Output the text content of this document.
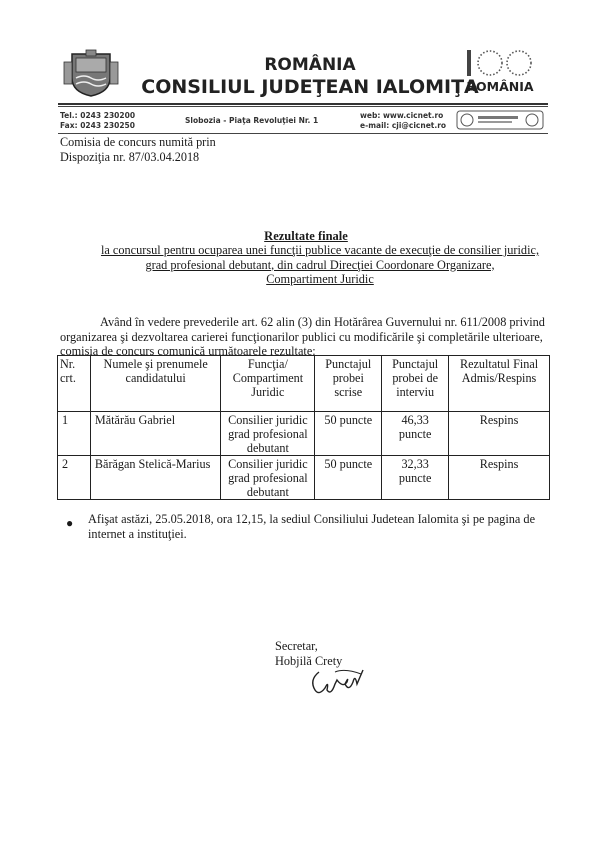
ROMÂNIA
CONSILIUL JUDEŢEAN IALOMIŢA
ROMÂNIA
Tel.: 0243 230200
Fax: 0243 230250
Slobozia - Piaţa Revoluţiei Nr. 1
web: www.cicnet.ro
e-mail: cji@cicnet.ro
Comisia de concurs numită prin
Dispoziţia nr. 87/03.04.2018
Rezultate finale
la concursul pentru ocuparea unei funcţii publice vacante de execuţie de consilier juridic,
grad profesional debutant, din cadrul Direcţiei Coordonare Organizare,
Compartiment Juridic
Având în vedere prevederile art. 62 alin (3) din Hotărârea Guvernului nr. 611/2008 privind
organizarea şi dezvoltarea carierei funcţionarilor publici cu modificările şi completările ulterioare,
comisia de concurs comunică următoarele rezultate:
Nr. crt.	Numele şi prenumele candidatului	Funcţia/ Compartiment Juridic	Punctajul probei scrise	Punctajul probei de interviu	Rezultatul Final Admis/Respins
1	Mătărău Gabriel	Consilier juridic grad profesional debutant	50 puncte	46,33 puncte	Respins
2	Bărăgan Stelică-Marius	Consilier juridic grad profesional debutant	50 puncte	32,33 puncte	Respins
● Afişat astăzi, 25.05.2018, ora 12,15, la sediul Consiliului Judetean Ialomita şi pe pagina de
internet a instituţiei.
Secretar,
Hobjilă Crety
